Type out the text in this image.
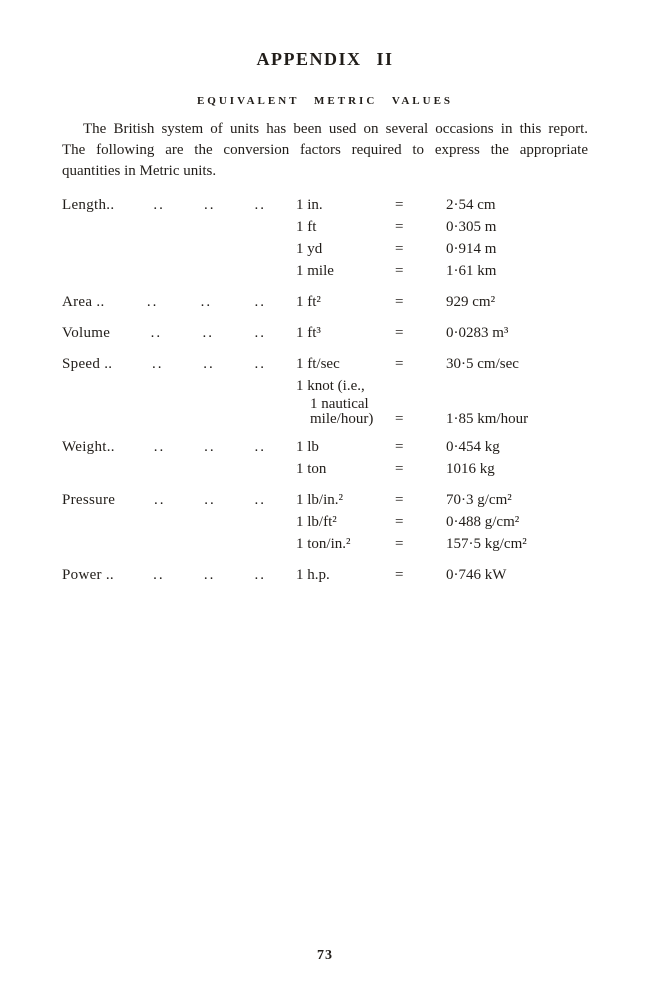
APPENDIX II
EQUIVALENT METRIC VALUES
The British system of units has been used on several occasions in this report.
The following are the conversion factors required to express the appropriate
quantities in Metric units.
Length..	..	..	.. 1 in.	=	2·54 cm
1 ft	=	0·305 m
1 yd	=	0·914 m
1 mile	=	1·61 km
Area ..	..	..	.. 1 ft²	=	929 cm²
Volume	..	..	.. 1 ft³	=	0·0283 m³
Speed ..	..	..	.. 1 ft/sec	=	30·5 cm/sec
1 knot (i.e.,
1 nautical
mile/hour)	=	1·85 km/hour
Weight..	..	..	.. 1 lb	=	0·454 kg
1 ton	=	1016 kg
Pressure	..	..	.. 1 lb/in.²	=	70·3 g/cm²
1 lb/ft²	=	0·488 g/cm²
1 ton/in.²	=	157·5 kg/cm²
Power ..	..	..	.. 1 h.p.	=	0·746 kW
73
